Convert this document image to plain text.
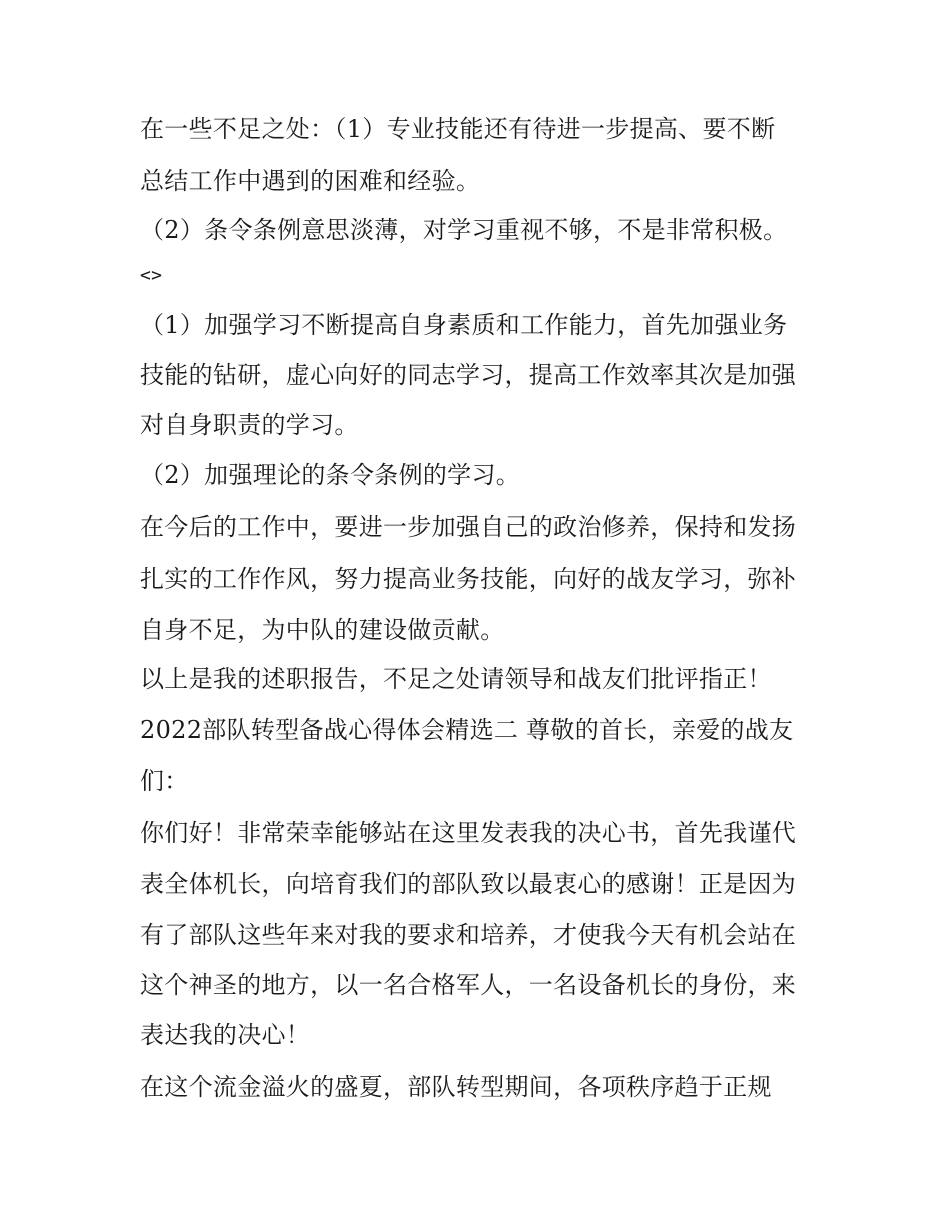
在一些不足之处：（1）专业技能还有待进一步提高、要不断
总结工作中遇到的困难和经验。
（2）条令条例意思淡薄，对学习重视不够，不是非常积极。
<>
（1）加强学习不断提高自身素质和工作能力，首先加强业务
技能的钻研，虚心向好的同志学习，提高工作效率其次是加强
对自身职责的学习。
（2）加强理论的条令条例的学习。
在今后的工作中，要进一步加强自己的政治修养，保持和发扬
扎实的工作作风，努力提高业务技能，向好的战友学习，弥补
自身不足，为中队的建设做贡献。
以上是我的述职报告，不足之处请领导和战友们批评指正！
2022部队转型备战心得体会精选二 尊敬的首长，亲爱的战友
们：
你们好！非常荣幸能够站在这里发表我的决心书，首先我谨代
表全体机长，向培育我们的部队致以最衷心的感谢！正是因为
有了部队这些年来对我的要求和培养，才使我今天有机会站在
这个神圣的地方，以一名合格军人，一名设备机长的身份，来
表达我的决心！
在这个流金溢火的盛夏，部队转型期间，各项秩序趋于正规
